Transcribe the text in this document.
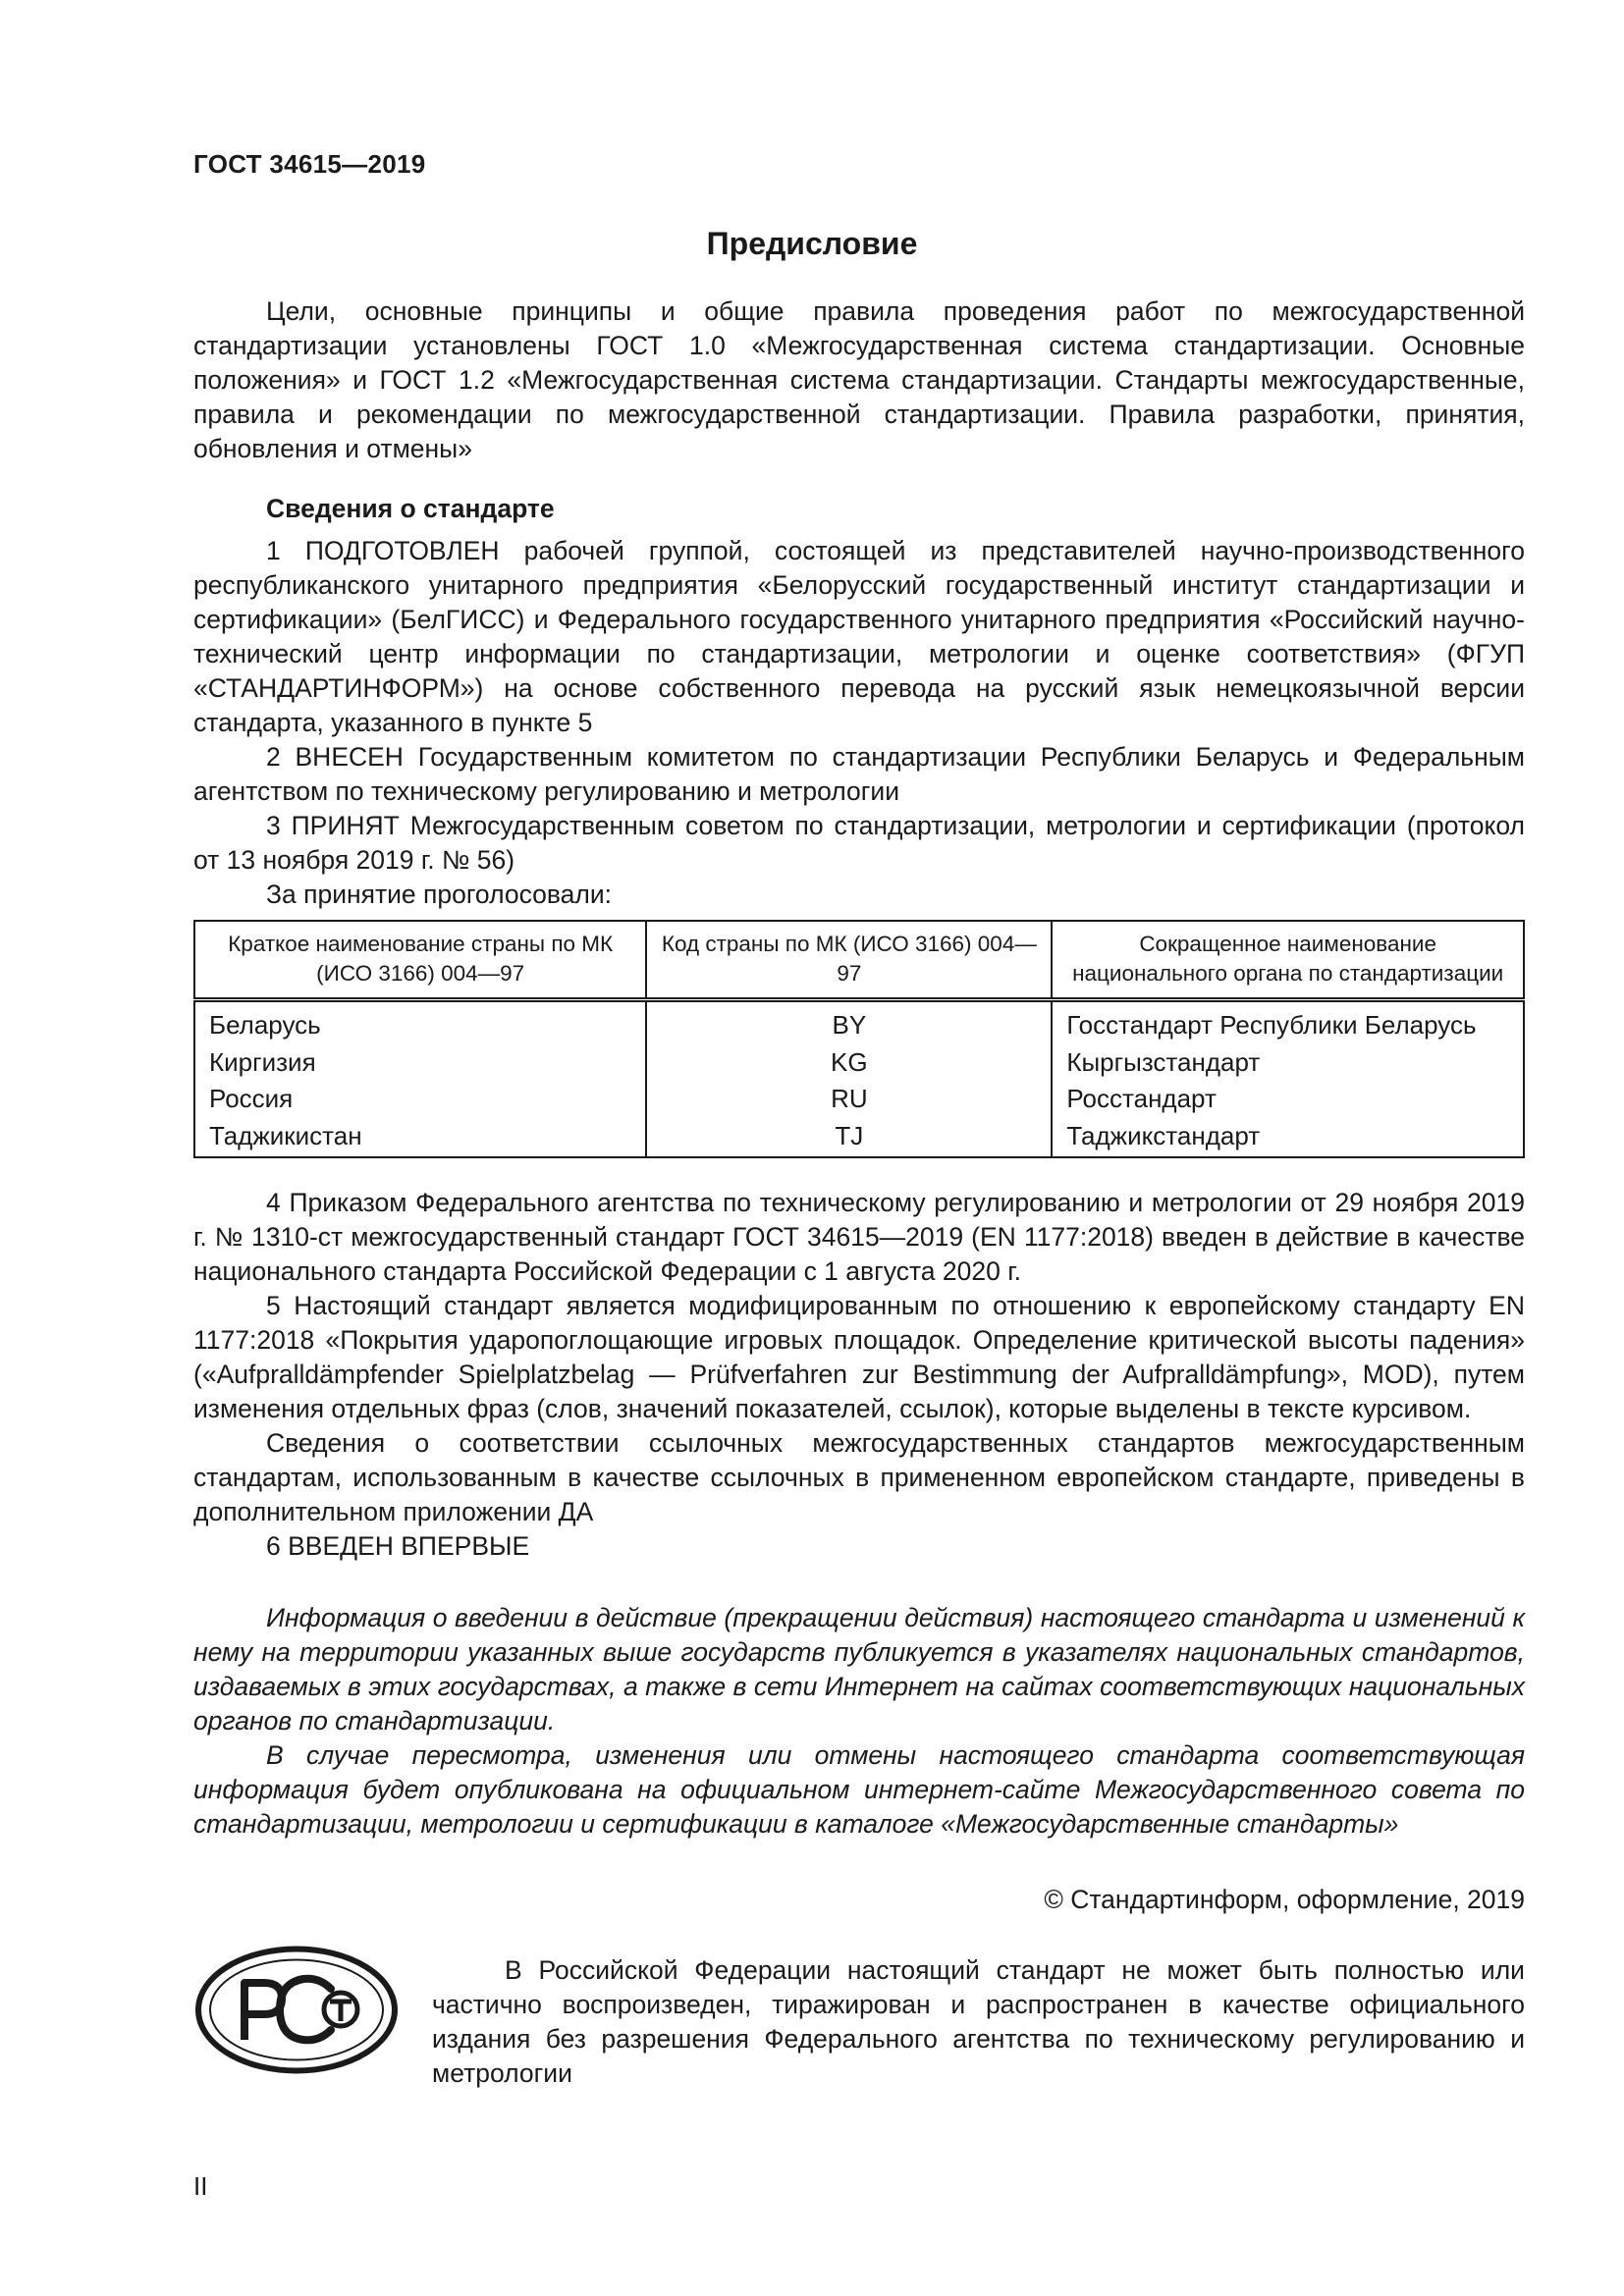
ГОСТ 34615—2019
Предисловие

Цели, основные принципы и общие правила проведения работ по межгосударственной стандартизации установлены ГОСТ 1.0 «Межгосударственная система стандартизации. Основные положения» и ГОСТ 1.2 «Межгосударственная система стандартизации. Стандарты межгосударственные, правила и рекомендации по межгосударственной стандартизации. Правила разработки, принятия, обновления и отмены»

Сведения о стандарте

1 ПОДГОТОВЛЕН рабочей группой, состоящей из представителей научно-производственного республиканского унитарного предприятия «Белорусский государственный институт стандартизации и сертификации» (БелГИСС) и Федерального государственного унитарного предприятия «Российский научно-технический центр информации по стандартизации, метрологии и оценке соответствия» (ФГУП «СТАНДАРТИНФОРМ») на основе собственного перевода на русский язык немецкоязычной версии стандарта, указанного в пункте 5

2 ВНЕСЕН Государственным комитетом по стандартизации Республики Беларусь и Федеральным агентством по техническому регулированию и метрологии

3 ПРИНЯТ Межгосударственным советом по стандартизации, метрологии и сертификации (протокол от 13 ноября 2019 г. № 56)

За принятие проголосовали:

Краткое наименование страны по МК (ИСО 3166) 004—97	Код страны по МК (ИСО 3166) 004—97	Сокращенное наименование национального органа по стандартизации
Беларусь	BY	Госстандарт Республики Беларусь
Киргизия	KG	Кыргызстандарт
Россия	RU	Росстандарт
Таджикистан	TJ	Таджикстандарт

4 Приказом Федерального агентства по техническому регулированию и метрологии от 29 ноября 2019 г. № 1310-ст межгосударственный стандарт ГОСТ 34615—2019 (EN 1177:2018) введен в действие в качестве национального стандарта Российской Федерации с 1 августа 2020 г.

5 Настоящий стандарт является модифицированным по отношению к европейскому стандарту EN 1177:2018 «Покрытия ударопоглощающие игровых площадок. Определение критической высоты падения» («Aufpralldämpfender Spielplatzbelag — Prüfverfahren zur Bestimmung der Aufpralldämpfung», MOD), путем изменения отдельных фраз (слов, значений показателей, ссылок), которые выделены в тексте курсивом.

Сведения о соответствии ссылочных межгосударственных стандартов межгосударственным стандартам, использованным в качестве ссылочных в примененном европейском стандарте, приведены в дополнительном приложении ДА

6 ВВЕДЕН ВПЕРВЫЕ

Информация о введении в действие (прекращении действия) настоящего стандарта и изменений к нему на территории указанных выше государств публикуется в указателях национальных стандартов, издаваемых в этих государствах, а также в сети Интернет на сайтах соответствующих национальных органов по стандартизации.

В случае пересмотра, изменения или отмены настоящего стандарта соответствующая информация будет опубликована на официальном интернет-сайте Межгосударственного совета по стандартизации, метрологии и сертификации в каталоге «Межгосударственные стандарты»

© Стандартинформ, оформление, 2019

В Российской Федерации настоящий стандарт не может быть полностью или частично воспроизведен, тиражирован и распространен в качестве официального издания без разрешения Федерального агентства по техническому регулированию и метрологии

II
